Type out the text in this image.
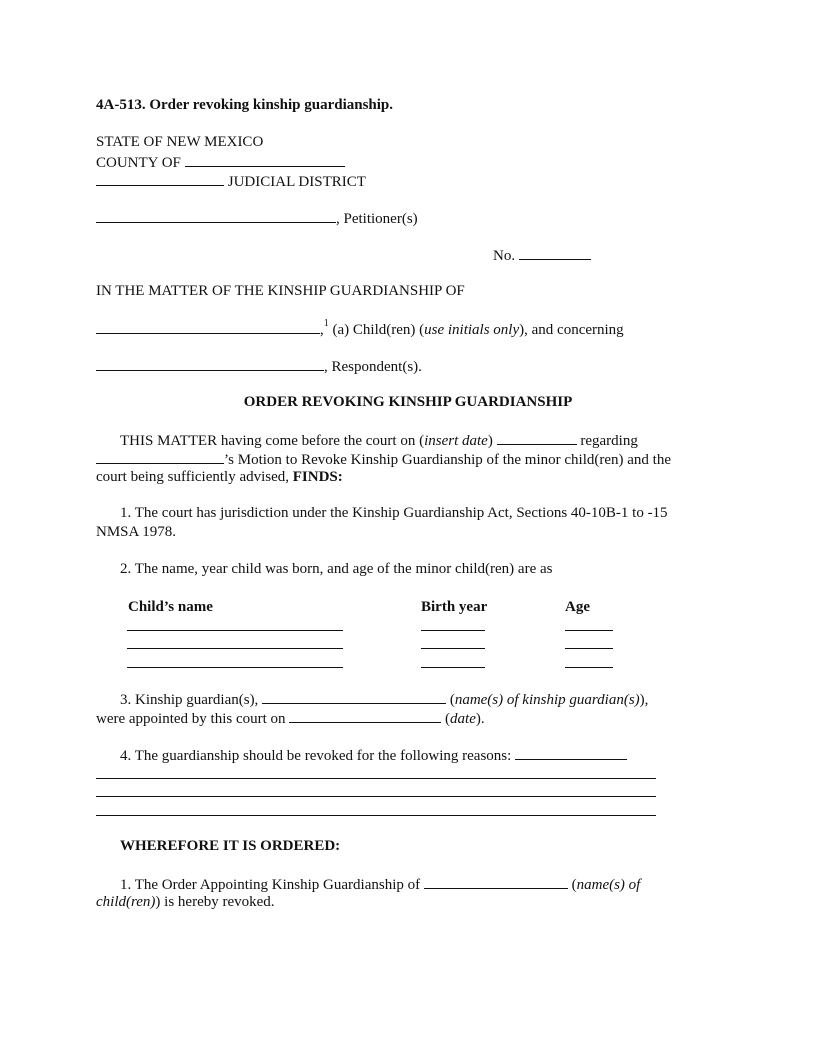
4A-513. Order revoking kinship guardianship.
STATE OF NEW MEXICO
COUNTY OF
JUDICIAL DISTRICT
, Petitioner(s)
No.
IN THE MATTER OF THE KINSHIP GUARDIANSHIP OF
,$^1$ (a) Child(ren) (use initials only), and concerning
, Respondent(s).
ORDER REVOKING KINSHIP GUARDIANSHIP
THIS MATTER having come before the court on (insert date)	regarding
’s Motion to Revoke Kinship Guardianship of the minor child(ren) and the
court being sufficiently advised, FINDS:
1. The court has jurisdiction under the Kinship Guardianship Act, Sections 40-10B-1 to -15
NMSA 1978.
2. The name, year child was born, and age of the minor child(ren) are as
Child’s name	Birth year	Age
3. Kinship guardian(s),	(name(s) of kinship guardian(s)),
were appointed by this court on	(date).
4. The guardianship should be revoked for the following reasons:
WHEREFORE IT IS ORDERED:
1. The Order Appointing Kinship Guardianship of	(name(s) of
child(ren)) is hereby revoked.
